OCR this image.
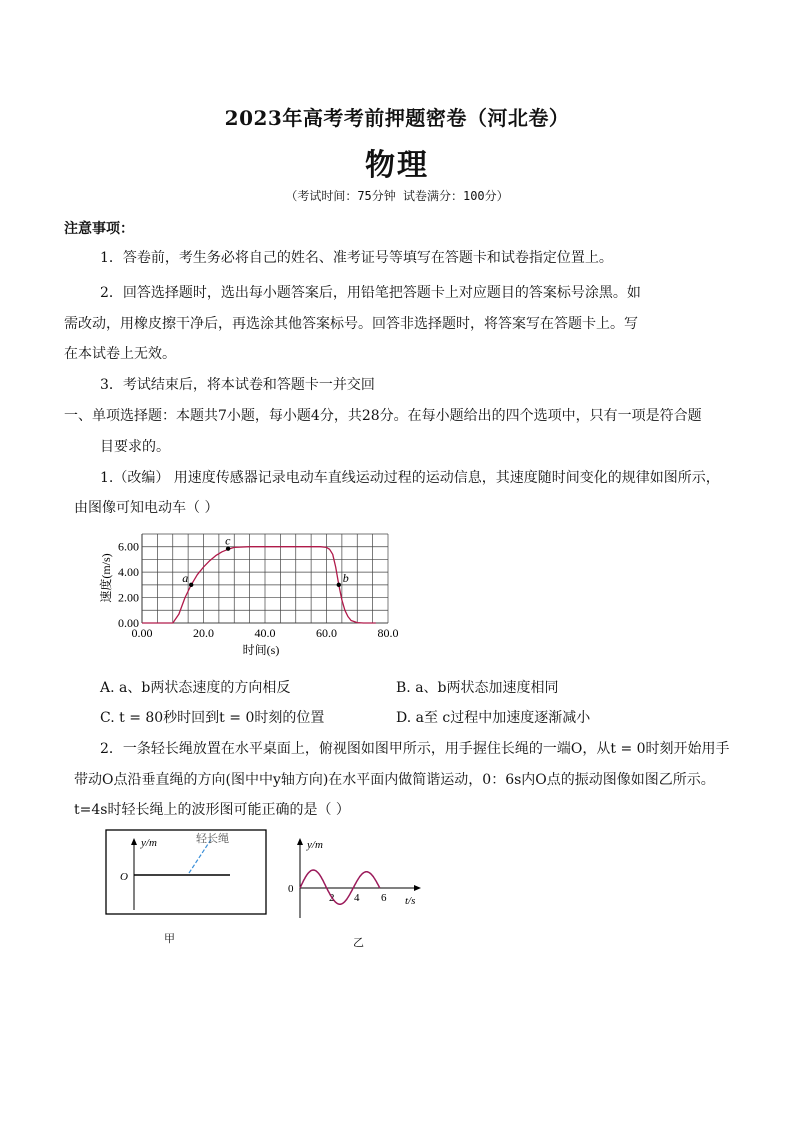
2023年高考考前押题密卷（河北卷）
物理
（考试时间：75分钟 试卷满分：100分）
注意事项：
1．答卷前，考生务必将自己的姓名、准考证号等填写在答题卡和试卷指定位置上。
2．回答选择题时，选出每小题答案后，用铅笔把答题卡上对应题目的答案标号涂黑。如
需改动，用橡皮擦干净后，再选涂其他答案标号。回答非选择题时，将答案写在答题卡上。写
在本试卷上无效。
3．考试结束后，将本试卷和答题卡一并交回
一、单项选择题：本题共7小题，每小题4分，共28分。在每小题给出的四个选项中，只有一项是符合题
目要求的。
1.（改编） 用速度传感器记录电动车直线运动过程的运动信息，其速度随时间变化的规律如图所示，
由图像可知电动车（ ）
0.00	20.0	40.0	60.0	80.0
0.00
2.00
4.00
6.00
时间(s)
速度(m/s)	a
c
b
A. a、b两状态速度的方向相反	B. a、b两状态加速度相同
C. t = 80秒时回到t = 0时刻的位置	D. a至 c过程中加速度逐渐减小
2．一条轻长绳放置在水平桌面上，俯视图如图甲所示，用手握住长绳的一端O，从t = 0时刻开始用手
带动O点沿垂直绳的方向(图中中y轴方向)在水平面内做简谐运动，0：6s内O点的振动图像如图乙所示。
t=4s时轻长绳上的波形图可能正确的是（ ）
y/m
O
轻长绳
甲
y/m
t/s
0
2 4 6
乙
